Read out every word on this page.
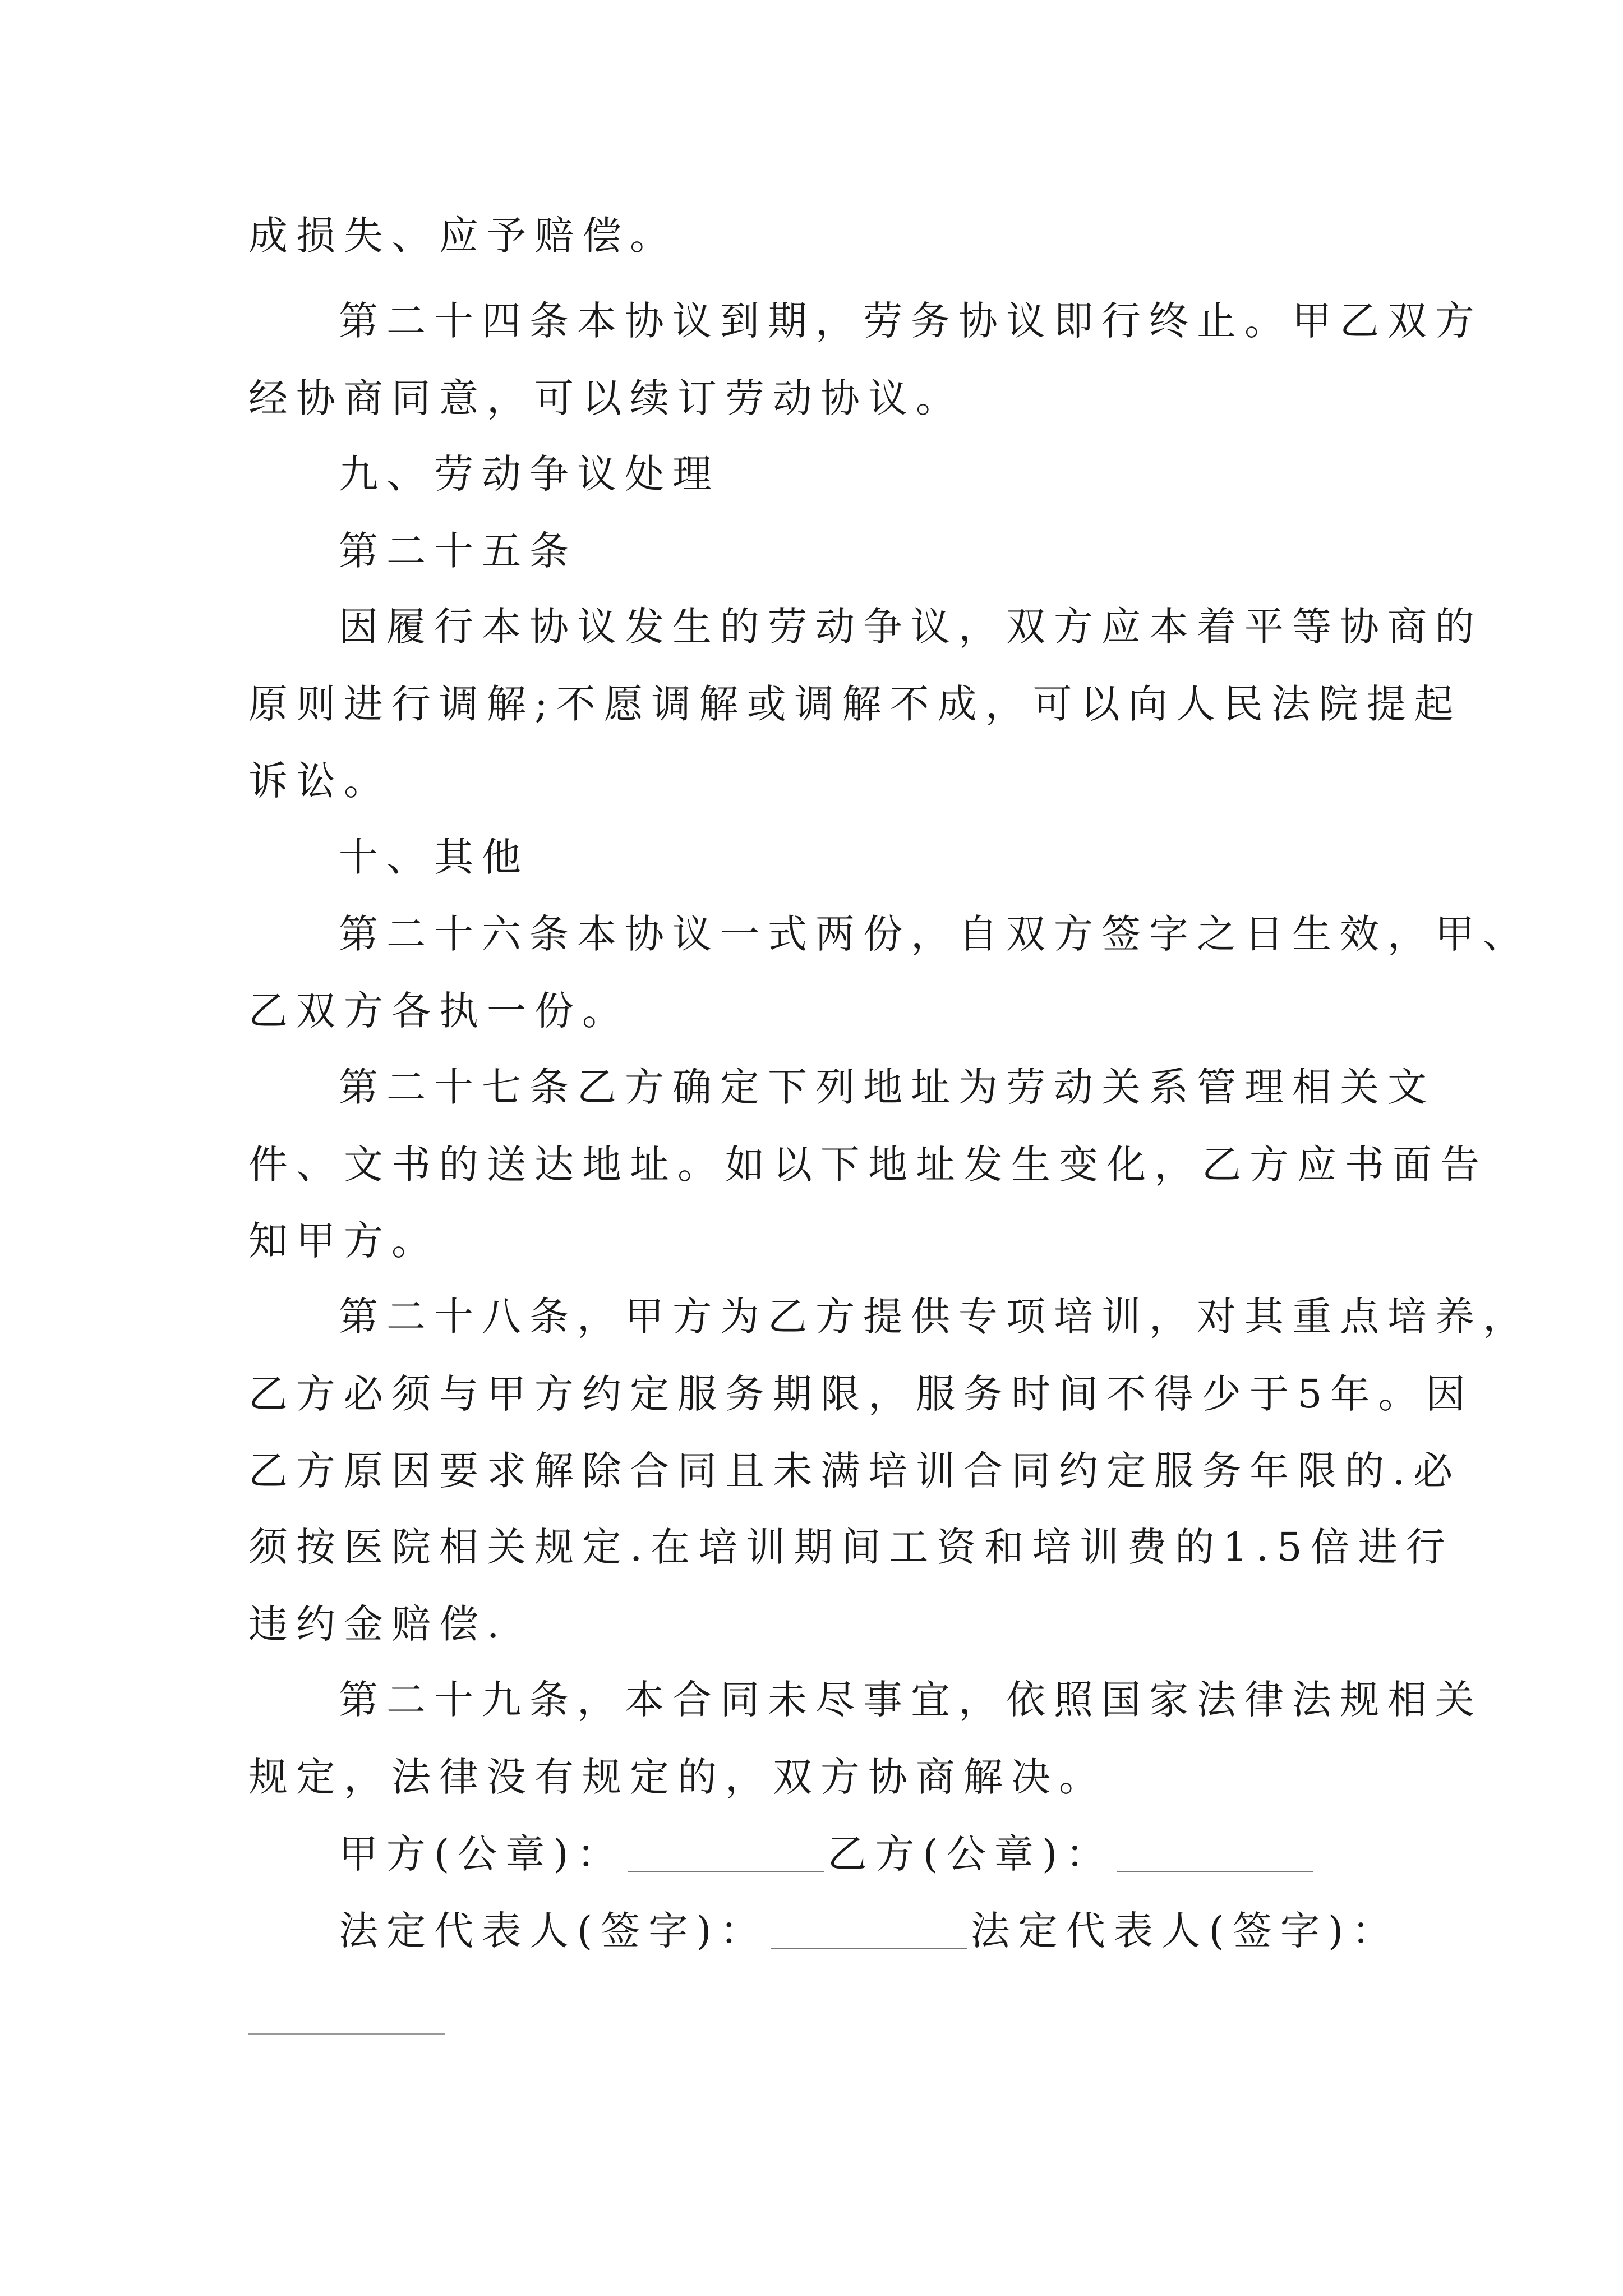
成损失、应予赔偿。
第二十四条本协议到期，劳务协议即行终止。甲乙双方
经协商同意，可以续订劳动协议。
九、劳动争议处理
第二十五条
因履行本协议发生的劳动争议，双方应本着平等协商的
原则进行调解;不愿调解或调解不成，可以向人民法院提起
诉讼。
十、其他
第二十六条本协议一式两份，自双方签字之日生效，甲、
乙双方各执一份。
第二十七条乙方确定下列地址为劳动关系管理相关文
件、文书的送达地址。如以下地址发生变化，乙方应书面告
知甲方。
第二十八条，甲方为乙方提供专项培训，对其重点培养，
乙方必须与甲方约定服务期限，服务时间不得少于5年。因
乙方原因要求解除合同且未满培训合同约定服务年限的.必
须按医院相关规定.在培训期间工资和培训费的1.5倍进行
违约金赔偿.
第二十九条，本合同未尽事宜，依照国家法律法规相关
规定，法律没有规定的，双方协商解决。
甲方(公章)：	乙方(公章)：
法定代表人(签字)：	法定代表人(签字)：
